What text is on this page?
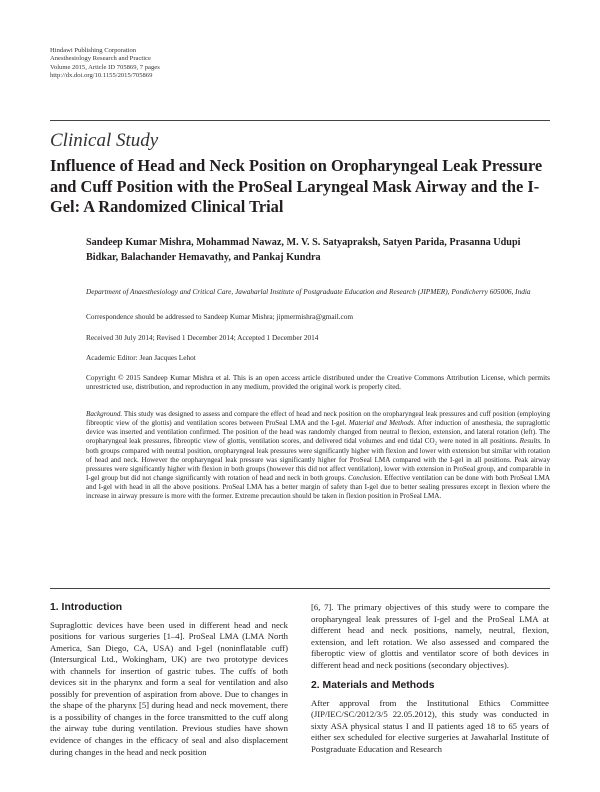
Hindawi Publishing Corporation
Anesthesiology Research and Practice
Volume 2015, Article ID 705869, 7 pages
http://dx.doi.org/10.1155/2015/705869
Clinical Study
Influence of Head and Neck Position on Oropharyngeal Leak Pressure and Cuff Position with the ProSeal Laryngeal Mask Airway and the I-Gel: A Randomized Clinical Trial
Sandeep Kumar Mishra, Mohammad Nawaz, M. V. S. Satyapraksh, Satyen Parida, Prasanna Udupi Bidkar, Balachander Hemavathy, and Pankaj Kundra
Department of Anaesthesiology and Critical Care, Jawaharlal Institute of Postgraduate Education and Research (JIPMER), Pondicherry 605006, India
Correspondence should be addressed to Sandeep Kumar Mishra; jipmermishra@gmail.com
Received 30 July 2014; Revised 1 December 2014; Accepted 1 December 2014
Academic Editor: Jean Jacques Lehot
Copyright © 2015 Sandeep Kumar Mishra et al. This is an open access article distributed under the Creative Commons Attribution License, which permits unrestricted use, distribution, and reproduction in any medium, provided the original work is properly cited.
Background. This study was designed to assess and compare the effect of head and neck position on the oropharyngeal leak pressures and cuff position (employing fibreoptic view of the glottis) and ventilation scores between ProSeal LMA and the I-gel. Material and Methods. After induction of anesthesia, the supraglottic device was inserted and ventilation confirmed. The position of the head was randomly changed from neutral to flexion, extension, and lateral rotation (left). The oropharyngeal leak pressures, fibreoptic view of glottis, ventilation scores, and delivered tidal volumes and end tidal CO₂ were noted in all positions. Results. In both groups compared with neutral position, oropharyngeal leak pressures were significantly higher with flexion and lower with extension but similar with rotation of head and neck. However the oropharyngeal leak pressure was significantly higher for ProSeal LMA compared with the I-gel in all positions. Peak airway pressures were significantly higher with flexion in both groups (however this did not affect ventilation), lower with extension in ProSeal group, and comparable in I-gel group but did not change significantly with rotation of head and neck in both groups. Conclusion. Effective ventilation can be done with both ProSeal LMA and I-gel with head in all the above positions. ProSeal LMA has a better margin of safety than I-gel due to better sealing pressures except in flexion where the increase in airway pressure is more with the former. Extreme precaution should be taken in flexion position in ProSeal LMA.

1. Introduction

Supraglottic devices have been used in different head and neck positions for various surgeries [1–4]. ProSeal LMA (LMA North America, San Diego, CA, USA) and I-gel (noninflatable cuff) (Intersurgical Ltd., Wokingham, UK) are two prototype devices with channels for insertion of gastric tubes. The cuffs of both devices sit in the pharynx and form a seal for ventilation and also possibly for prevention of aspiration from above. Due to changes in the shape of the pharynx [5] during head and neck movement, there is a possibility of changes in the force transmitted to the cuff along the airway tube during ventilation. Previous studies have shown evidence of changes in the efficacy of seal and also displacement during changes in the head and neck position

[6, 7]. The primary objectives of this study were to compare the oropharyngeal leak pressures of I-gel and the ProSeal LMA at different head and neck positions, namely, neutral, flexion, extension, and left rotation. We also assessed and compared the fiberoptic view of glottis and ventilator score of both devices in different head and neck positions (secondary objectives).

2. Materials and Methods

After approval from the Institutional Ethics Committee (JIP/IEC/SC/2012/3/5 22.05.2012), this study was conducted in sixty ASA physical status I and II patients aged 18 to 65 years of either sex scheduled for elective surgeries at Jawaharlal Institute of Postgraduate Education and Research
